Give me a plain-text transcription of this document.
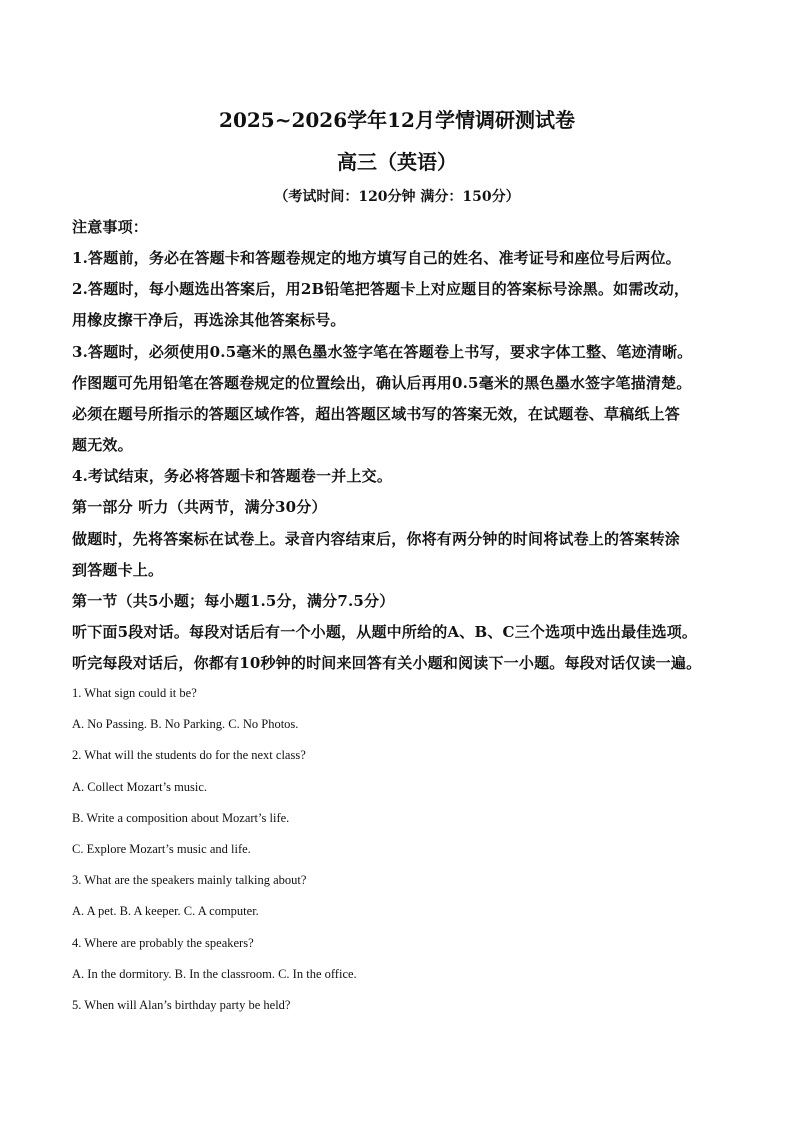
2025~2026学年12月学情调研测试卷
高三（英语）
（考试时间：120分钟 满分：150分）
注意事项：
1.答题前，务必在答题卡和答题卷规定的地方填写自己的姓名、准考证号和座位号后两位。
2.答题时，每小题选出答案后，用2B铅笔把答题卡上对应题目的答案标号涂黑。如需改动，
用橡皮擦干净后，再选涂其他答案标号。
3.答题时，必须使用0.5毫米的黑色墨水签字笔在答题卷上书写，要求字体工整、笔迹清晰。
作图题可先用铅笔在答题卷规定的位置绘出，确认后再用0.5毫米的黑色墨水签字笔描清楚。
必须在题号所指示的答题区域作答，超出答题区域书写的答案无效，在试题卷、草稿纸上答
题无效。
4.考试结束，务必将答题卡和答题卷一并上交。
第一部分 听力（共两节，满分30分）
做题时，先将答案标在试卷上。录音内容结束后，你将有两分钟的时间将试卷上的答案转涂
到答题卡上。
第一节（共5小题；每小题1.5分，满分7.5分）
听下面5段对话。每段对话后有一个小题，从题中所给的A、B、C三个选项中选出最佳选项。
听完每段对话后，你都有10秒钟的时间来回答有关小题和阅读下一小题。每段对话仅读一遍。
1. What sign could it be?
A. No Passing. B. No Parking. C. No Photos.
2. What will the students do for the next class?
A. Collect Mozart’s music.
B. Write a composition about Mozart’s life.
C. Explore Mozart’s music and life.
3. What are the speakers mainly talking about?
A. A pet. B. A keeper. C. A computer.
4. Where are probably the speakers?
A. In the dormitory. B. In the classroom. C. In the office.
5. When will Alan’s birthday party be held?
